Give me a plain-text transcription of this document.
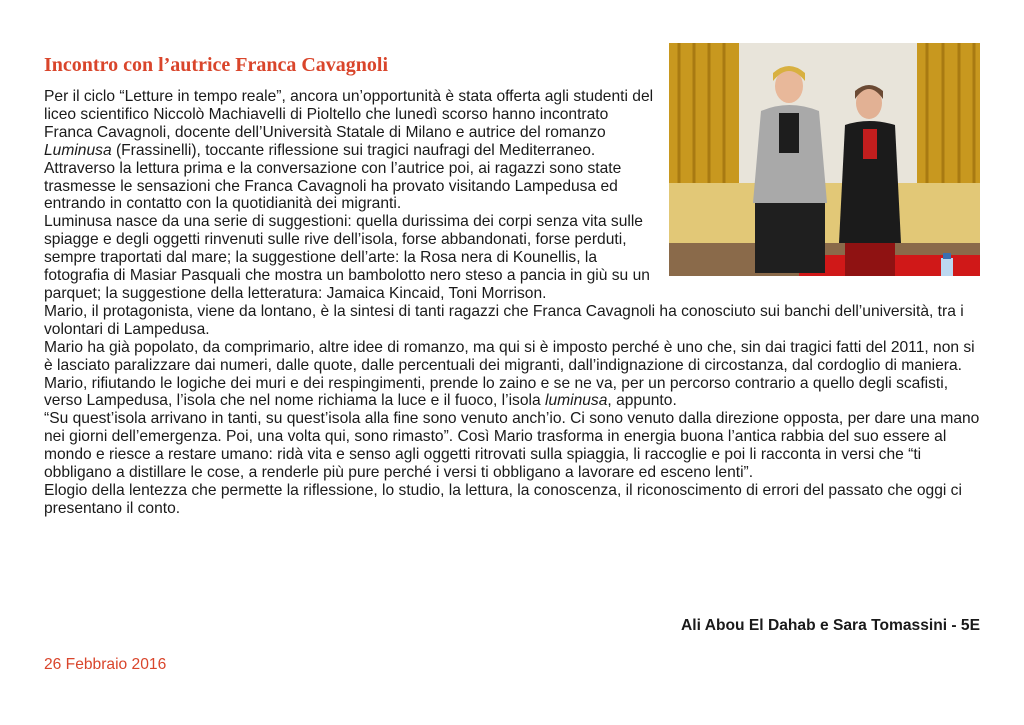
Incontro con l’autrice Franca Cavagnoli

Per il ciclo “Letture in tempo reale”, ancora un’opportunità è stata offerta agli studenti del liceo scientifico Niccolò Machiavelli di Pioltello che lunedì scorso hanno incontrato Franca Cavagnoli, docente dell’Università Statale di Milano e autrice del romanzo Luminusa (Frassinelli), toccante riflessione sui tragici naufragi del Mediterraneo.

Attraverso la lettura prima e la conversazione con l’autrice poi, ai ragazzi sono state trasmesse le sensazioni che Franca Cavagnoli ha provato visitando Lampedusa ed entrando in contatto con la quotidianità dei migranti.

Luminusa nasce da una serie di suggestioni: quella durissima dei corpi senza vita sulle spiagge e degli oggetti rinvenuti sulle rive dell’isola, forse abbandonati, forse perduti, sempre traportati dal mare; la suggestione dell’arte: la Rosa nera di Kounellis, la fotografia di Masiar Pasquali che mostra un bambolotto nero steso a pancia in giù su un parquet; la suggestione della letteratura: Jamaica Kincaid, Toni Morrison.

Mario, il protagonista, viene da lontano, è la sintesi di tanti ragazzi che Franca Cavagnoli ha conosciuto sui banchi dell’università, tra i volontari di Lampedusa.

Mario ha già popolato, da comprimario, altre idee di romanzo, ma qui si è imposto perché è uno che, sin dai tragici fatti del 2011, non si è lasciato paralizzare dai numeri, dalle quote, dalle percentuali dei migranti, dall’indignazione di circostanza, dal cordoglio di maniera.

Mario, rifiutando le logiche dei muri e dei respingimenti, prende lo zaino e se ne va, per un percorso contrario a quello degli scafisti, verso Lampedusa, l’isola che nel nome richiama la luce e il fuoco, l’isola luminusa, appunto.

“Su quest’isola arrivano in tanti, su quest’isola alla fine sono venuto anch’io. Ci sono venuto dalla direzione opposta, per dare una mano nei giorni dell’emergenza. Poi, una volta qui, sono rimasto”. Così Mario trasforma in energia buona l’antica rabbia del suo essere al mondo e riesce a restare umano: ridà vita e senso agli oggetti ritrovati sulla spiaggia, li raccoglie e poi li racconta in versi che “ti obbligano a distillare le cose, a renderle più pure perché i versi ti obbligano a lavorare ed esceno lenti”.

Elogio della lentezza che permette la riflessione, lo studio, la lettura, la conoscenza, il riconoscimento di errori del passato che oggi ci presentano il conto.

Ali Abou El Dahab e Sara Tomassini - 5E
26 Febbraio 2016
